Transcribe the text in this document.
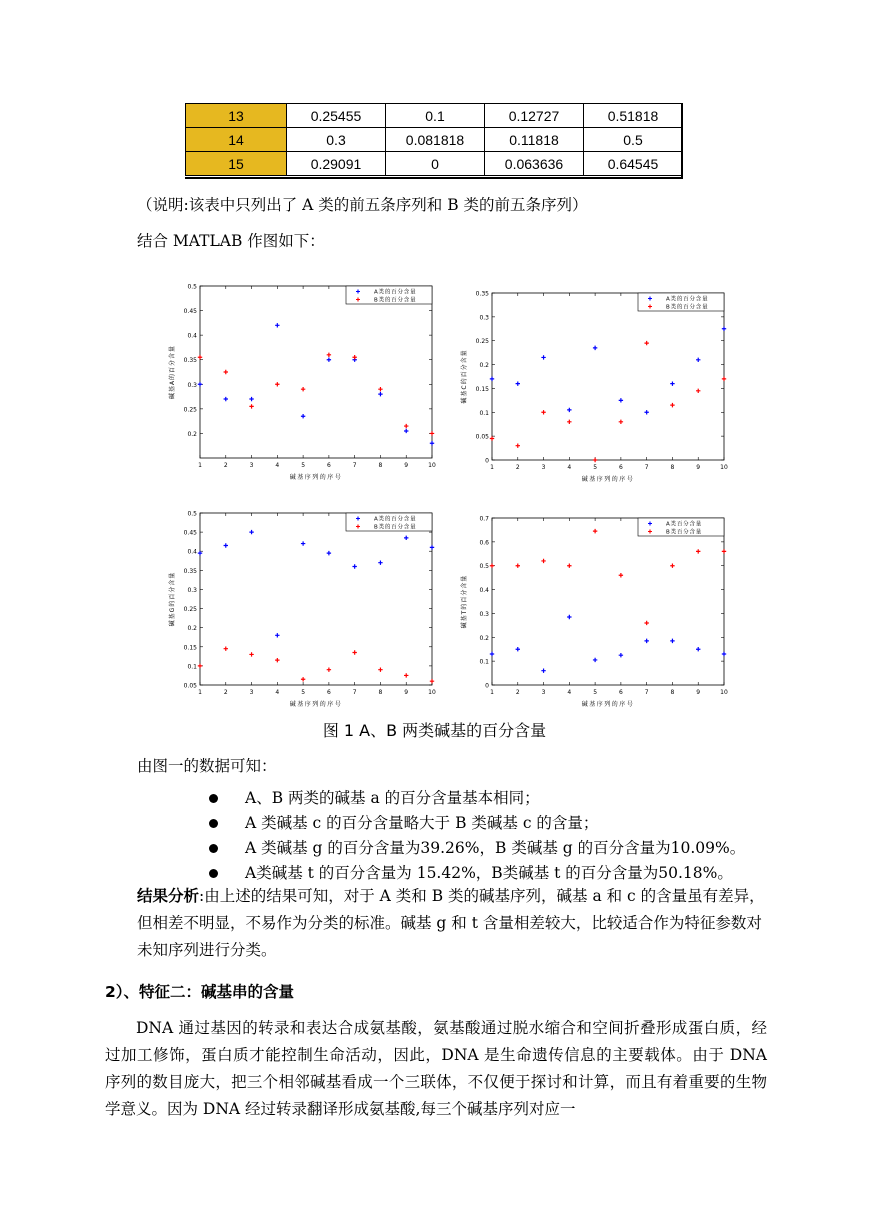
13	0.25455	0.1	0.12727	0.51818
14	0.3	0.081818	0.11818	0.5
15	0.29091	0	0.063636	0.64545
（说明:该表中只列出了 A 类的前五条序列和 B 类的前五条序列）
结合 MATLAB 作图如下：
0.2
0.25
0.3
0.35
0.4
0.45
0.5
1	2	3	4	5	6	7	8	9	10
碱基序列的序号
碱基A的百分含量
A类的百分含量
B类的百分含量
0
0.05
0.1
0.15
0.2
0.25
0.3
0.35
1	2	3	4	5	6	7	8	9	10
碱基序列的序号
碱基C的百分含量
A类的百分含量
B类的百分含量
0.05
0.1
0.15
0.2
0.25
0.3
0.35
0.4
0.45
0.5
1	2	3	4	5	6	7	8	9	10
碱基序列的序号
碱基G的百分含量
A类的百分含量
B类的百分含量
0
0.1
0.2
0.3
0.4
0.5
0.6
0.7
1	2	3	4	5	6	7	8	9	10
碱基序列的序号
碱基T的百分含量
A类百分含量
B类百分含量
图 1 A、B 两类碱基的百分含量
由图一的数据可知：
A、B 两类的碱基 a 的百分含量基本相同；
A 类碱基 c 的百分含量略大于 B 类碱基 c 的含量；
A 类碱基 g 的百分含量为39.26%，B 类碱基 g 的百分含量为10.09%。
A类碱基 t 的百分含量为 15.42%，B类碱基 t 的百分含量为50.18%。
结果分析:由上述的结果可知，对于 A 类和 B 类的碱基序列，碱基 a 和 c 的含量虽有差异，但相差不明显，不易作为分类的标准。碱基 g 和 t 含量相差较大，比较适合作为特征参数对未知序列进行分类。
2）、特征二：碱基串的含量
DNA 通过基因的转录和表达合成氨基酸，氨基酸通过脱水缩合和空间折叠形成蛋白质，经过加工修饰，蛋白质才能控制生命活动，因此，DNA 是生命遗传信息的主要载体。由于 DNA 序列的数目庞大，把三个相邻碱基看成一个三联体，不仅便于探讨和计算，而且有着重要的生物学意义。因为 DNA 经过转录翻译形成氨基酸,每三个碱基序列对应一
